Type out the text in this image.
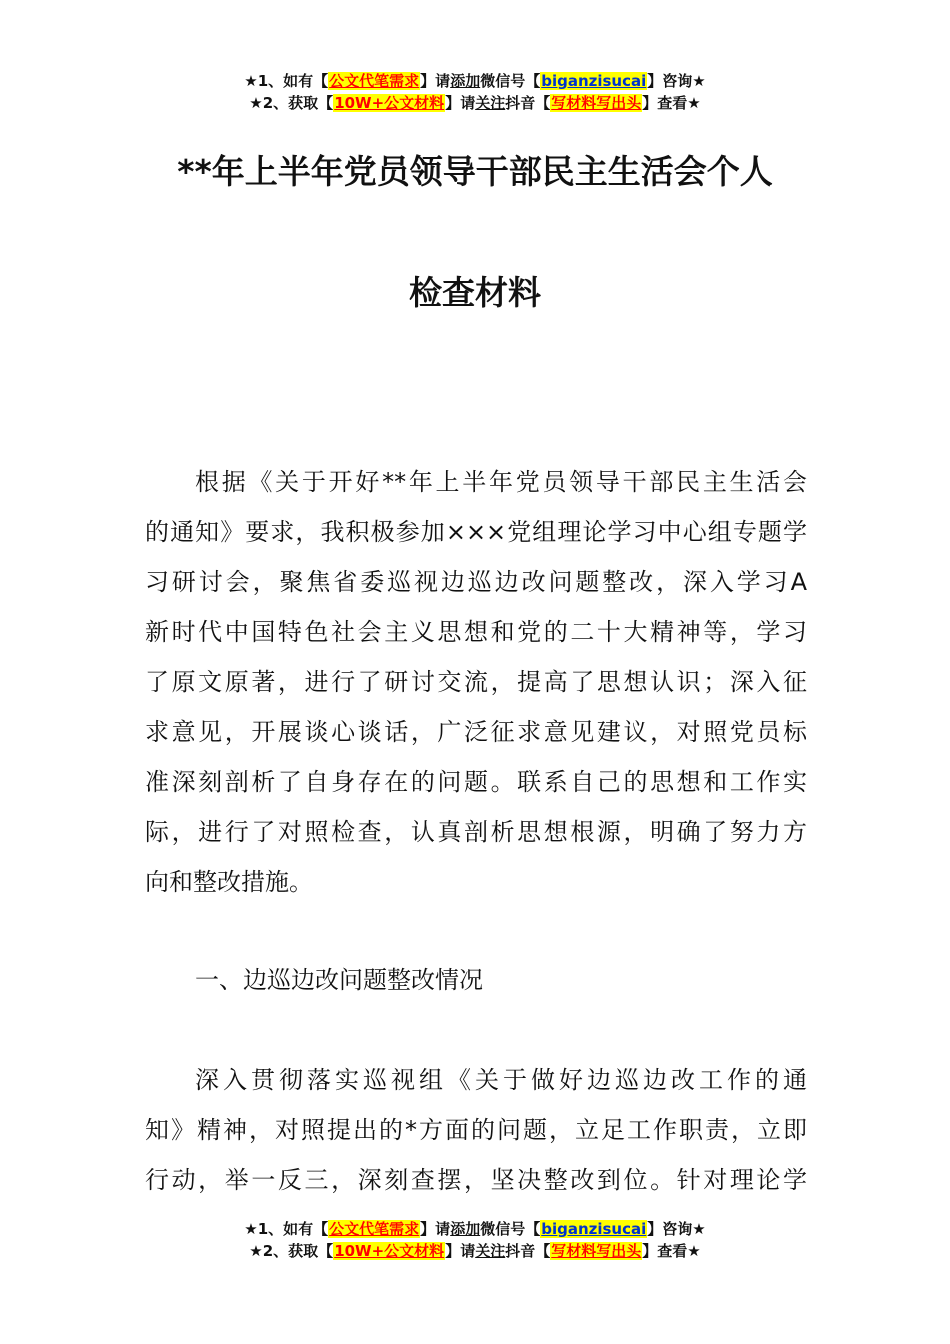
★1、如有【公文代笔需求】请添加微信号【biganzisucai】咨询★
★2、获取【10W+公文材料】请关注抖音【写材料写出头】查看★
**年上半年党员领导干部民主生活会个人
检查材料
根据《关于开好**年上半年党员领导干部民主生活会
的通知》要求，我积极参加×××党组理论学习中心组专题学
习研讨会，聚焦省委巡视边巡边改问题整改，深入学习A
新时代中国特色社会主义思想和党的二十大精神等，学习
了原文原著，进行了研讨交流，提高了思想认识；深入征
求意见，开展谈心谈话，广泛征求意见建议，对照党员标
准深刻剖析了自身存在的问题。联系自己的思想和工作实
际，进行了对照检查，认真剖析思想根源，明确了努力方
向和整改措施。
一、边巡边改问题整改情况
深入贯彻落实巡视组《关于做好边巡边改工作的通
知》精神，对照提出的*方面的问题，立足工作职责，立即
行动，举一反三，深刻查摆，坚决整改到位。针对理论学
★1、如有【公文代笔需求】请添加微信号【biganzisucai】咨询★
★2、获取【10W+公文材料】请关注抖音【写材料写出头】查看★
